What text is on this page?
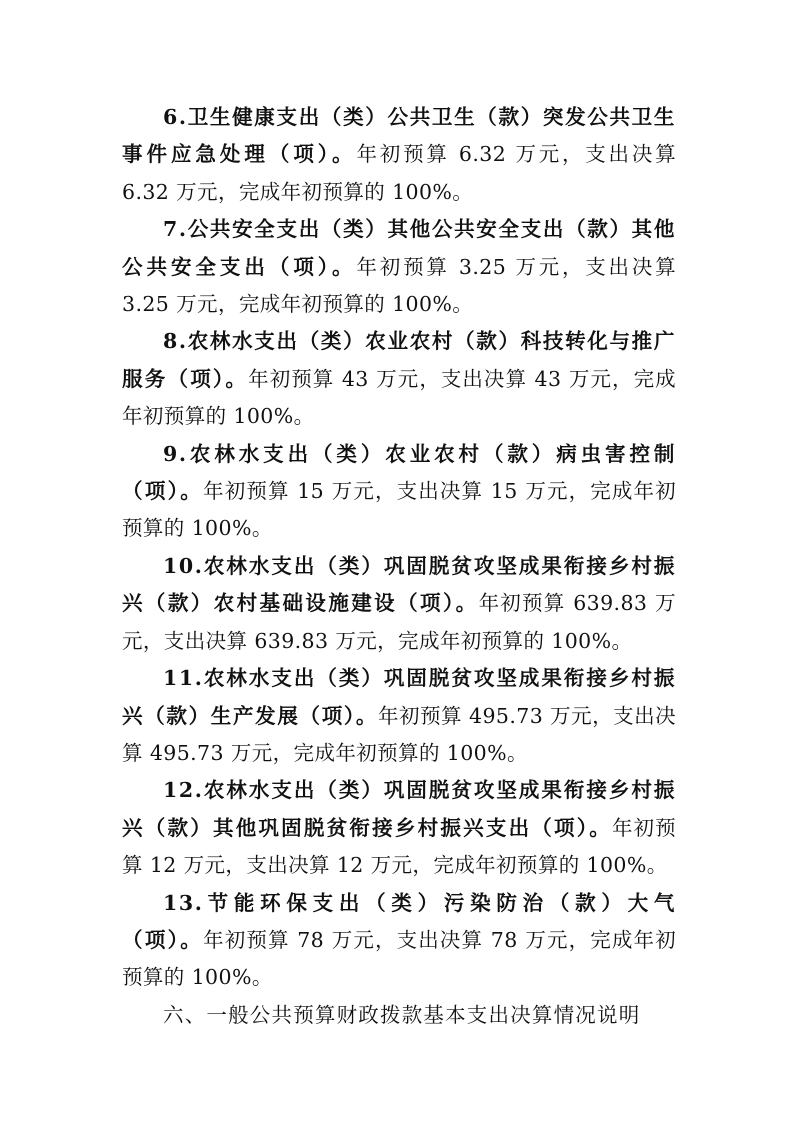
6.卫生健康支出（类）公共卫生（款）突发公共卫生事件应急处理（项）。年初预算 6.32 万元，支出决算 6.32 万元，完成年初预算的 100%。

7.公共安全支出（类）其他公共安全支出（款）其他公共安全支出（项）。年初预算 3.25 万元，支出决算 3.25 万元，完成年初预算的 100%。

8.农林水支出（类）农业农村（款）科技转化与推广服务（项）。年初预算 43 万元，支出决算 43 万元，完成年初预算的 100%。

9.农林水支出（类）农业农村（款）病虫害控制（项）。年初预算 15 万元，支出决算 15 万元，完成年初预算的 100%。

10.农林水支出（类）巩固脱贫攻坚成果衔接乡村振兴（款）农村基础设施建设（项）。年初预算 639.83 万元，支出决算 639.83 万元，完成年初预算的 100%。

11.农林水支出（类）巩固脱贫攻坚成果衔接乡村振兴（款）生产发展（项）。年初预算 495.73 万元，支出决算 495.73 万元，完成年初预算的 100%。

12.农林水支出（类）巩固脱贫攻坚成果衔接乡村振兴（款）其他巩固脱贫衔接乡村振兴支出（项）。年初预算 12 万元，支出决算 12 万元，完成年初预算的 100%。

13.节能环保支出（类）污染防治（款）大气（项）。年初预算 78 万元，支出决算 78 万元，完成年初预算的 100%。

六、一般公共预算财政拨款基本支出决算情况说明
